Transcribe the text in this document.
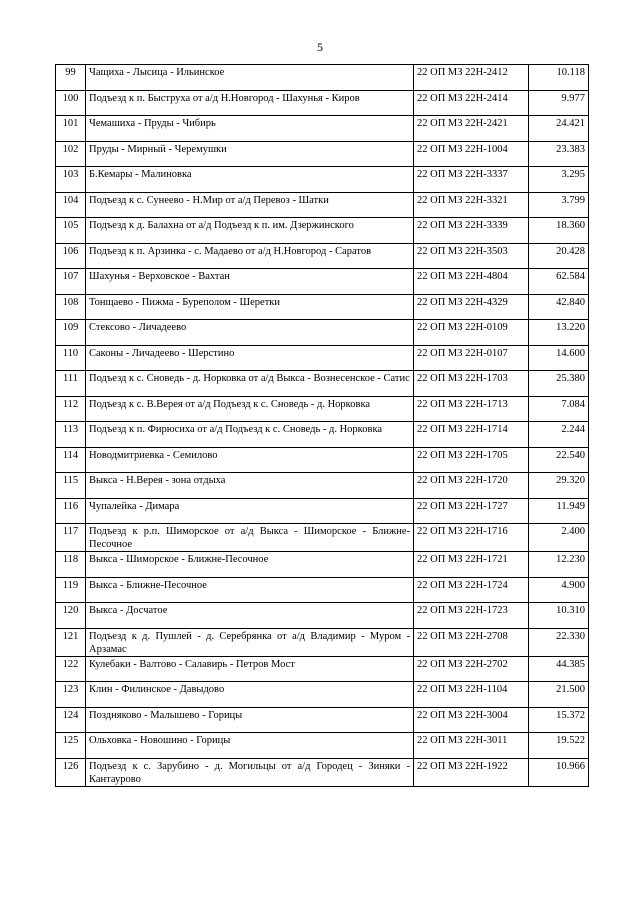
5
99	Чащиха - Лысица - Ильинское	22 ОП МЗ 22Н-2412	10.118
100	Подъезд к п. Быструха от а/д Н.Новгород - Шахунья - Киров	22 ОП МЗ 22Н-2414	9.977
101	Чемашиха - Пруды - Чибирь	22 ОП МЗ 22Н-2421	24.421
102	Пруды - Мирный - Черемушки	22 ОП МЗ 22Н-1004	23.383
103	Б.Кемары - Малиновка	22 ОП МЗ 22Н-3337	3.295
104	Подъезд к с. Сунеево - Н.Мир от а/д Перевоз - Шатки	22 ОП МЗ 22Н-3321	3.799
105	Подъезд к д. Балахна от а/д Подъезд к п. им. Дзержинского	22 ОП МЗ 22Н-3339	18.360
106	Подъезд к п. Арзинка - с. Мадаево от а/д Н.Новгород - Саратов	22 ОП МЗ 22Н-3503	20.428
107	Шахунья - Верховское - Вахтан	22 ОП МЗ 22Н-4804	62.584
108	Тонщаево - Пижма - Буреполом - Шеретки	22 ОП МЗ 22Н-4329	42.840
109	Стексово - Личадеево	22 ОП МЗ 22Н-0109	13.220
110	Саконы - Личадеево - Шерстино	22 ОП МЗ 22Н-0107	14.600
111	Подъезд к с. Сноведь - д. Норковка от а/д Выкса - Вознесенское - Сатис	22 ОП МЗ 22Н-1703	25.380
112	Подъезд к с. В.Верея от а/д Подъезд к с. Сноведь - д. Норковка	22 ОП МЗ 22Н-1713	7.084
113	Подъезд к п. Фирюсиха от а/д Подъезд к с. Сноведь - д. Норковка	22 ОП МЗ 22Н-1714	2.244
114	Новодмитриевка - Семилово	22 ОП МЗ 22Н-1705	22.540
115	Выкса - Н.Верея - зона отдыха	22 ОП МЗ 22Н-1720	29.320
116	Чупалейка - Димара	22 ОП МЗ 22Н-1727	11.949
117	Подъезд к р.п. Шиморское от а/д Выкса - Шиморское - Ближне-Песочное	22 ОП МЗ 22Н-1716	2.400
118	Выкса - Шиморское - Ближне-Песочное	22 ОП МЗ 22Н-1721	12.230
119	Выкса - Ближне-Песочное	22 ОП МЗ 22Н-1724	4.900
120	Выкса - Досчатое	22 ОП МЗ 22Н-1723	10.310
121	Подъезд к д. Пушлей - д. Серебрянка от а/д Владимир - Муром - Арзамас	22 ОП МЗ 22Н-2708	22.330
122	Кулебаки - Валтово - Салавирь - Петров Мост	22 ОП МЗ 22Н-2702	44.385
123	Клин - Филинское - Давыдово	22 ОП МЗ 22Н-1104	21.500
124	Поздняково - Малышево - Горицы	22 ОП МЗ 22Н-3004	15.372
125	Ольховка - Новошино - Горицы	22 ОП МЗ 22Н-3011	19.522
126	Подъезд к с. Зарубино - д. Могильцы от а/д Городец - Зиняки - Кантаурово	22 ОП МЗ 22Н-1922	10.966
